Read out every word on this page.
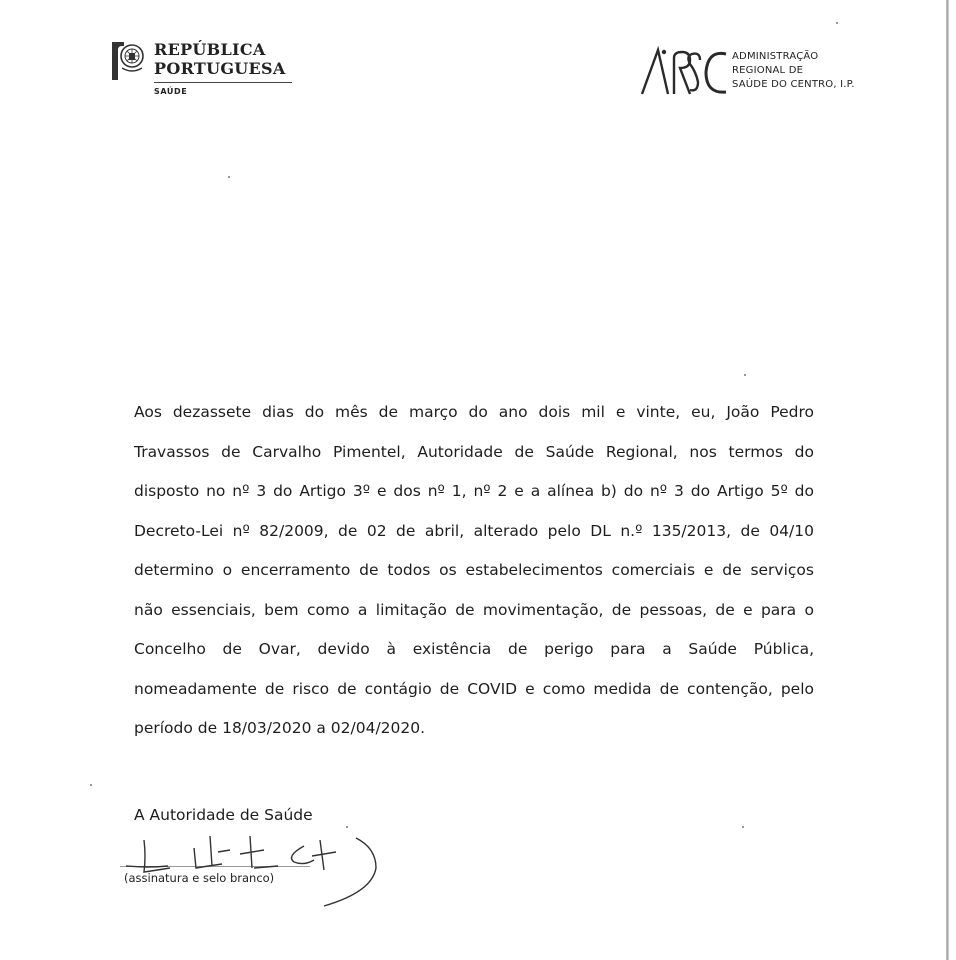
REPÚBLICA
PORTUGUESA
SAÚDE
ADMINISTRAÇÃO
REGIONAL DE
SAÚDE DO CENTRO, I.P.
Aos dezassete dias do mês de março do ano dois mil e vinte, eu, João Pedro
Travassos de Carvalho Pimentel, Autoridade de Saúde Regional, nos termos do
disposto no nº 3 do Artigo 3º e dos nº 1, nº 2 e a alínea b) do nº 3 do Artigo 5º do
Decreto-Lei nº 82/2009, de 02 de abril, alterado pelo DL n.º 135/2013, de 04/10
determino o encerramento de todos os estabelecimentos comerciais e de serviços
não essenciais, bem como a limitação de movimentação, de pessoas, de e para o
Concelho de Ovar, devido à existência de perigo para a Saúde Pública,
nomeadamente de risco de contágio de COVID e como medida de contenção, pelo
período de 18/03/2020 a 02/04/2020.
A Autoridade de Saúde
(assinatura e selo branco)
